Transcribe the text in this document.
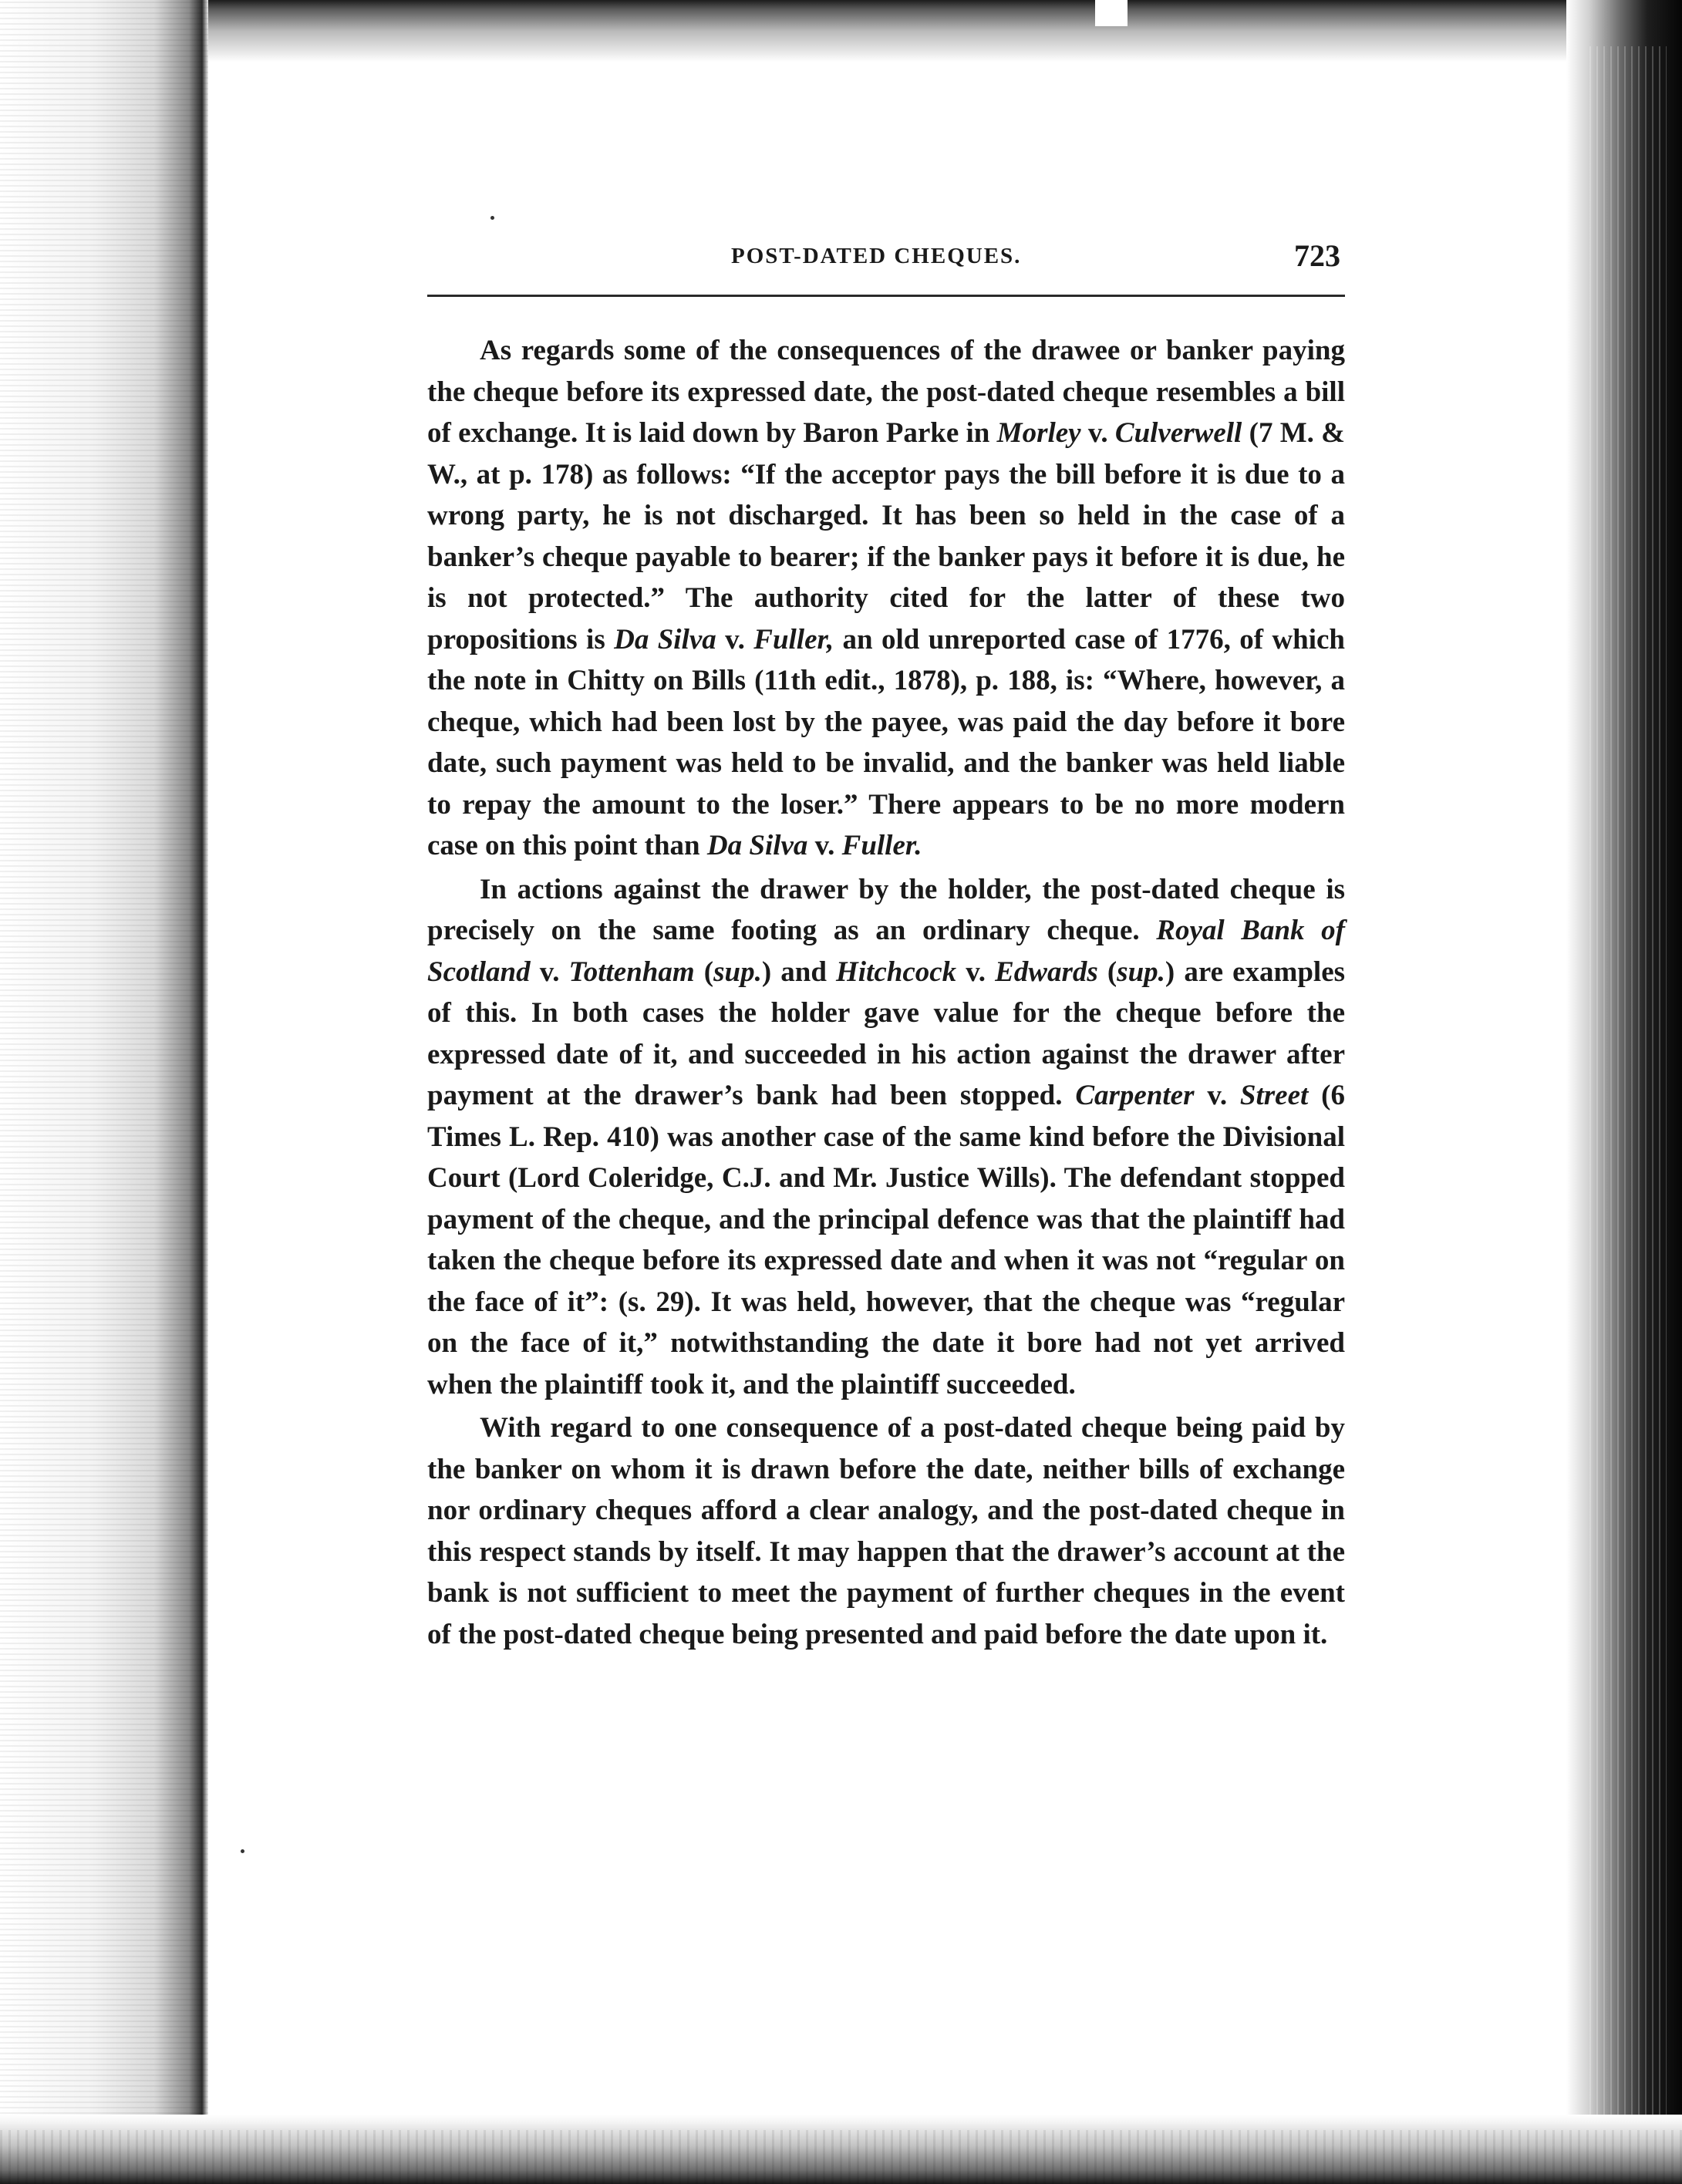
POST-DATED CHEQUES.	723

As regards some of the consequences of the drawee or banker paying the cheque before its expressed date, the post-dated cheque resembles a bill of exchange. It is laid down by Baron Parke in Morley v. Culverwell (7 M. & W., at p. 178) as follows: “If the acceptor pays the bill before it is due to a wrong party, he is not discharged. It has been so held in the case of a banker’s cheque payable to bearer; if the banker pays it before it is due, he is not protected.” The authority cited for the latter of these two propositions is Da Silva v. Fuller, an old unreported case of 1776, of which the note in Chitty on Bills (11th edit., 1878), p. 188, is: “Where, however, a cheque, which had been lost by the payee, was paid the day before it bore date, such payment was held to be invalid, and the banker was held liable to repay the amount to the loser.” There appears to be no more modern case on this point than Da Silva v. Fuller.

In actions against the drawer by the holder, the post-dated cheque is precisely on the same footing as an ordinary cheque. Royal Bank of Scotland v. Tottenham (sup.) and Hitchcock v. Edwards (sup.) are examples of this. In both cases the holder gave value for the cheque before the expressed date of it, and succeeded in his action against the drawer after payment at the drawer’s bank had been stopped. Carpenter v. Street (6 Times L. Rep. 410) was another case of the same kind before the Divisional Court (Lord Coleridge, C.J. and Mr. Justice Wills). The defendant stopped payment of the cheque, and the principal defence was that the plaintiff had taken the cheque before its expressed date and when it was not “regular on the face of it”: (s. 29). It was held, however, that the cheque was “regular on the face of it,” notwithstanding the date it bore had not yet arrived when the plaintiff took it, and the plaintiff succeeded.

With regard to one consequence of a post-dated cheque being paid by the banker on whom it is drawn before the date, neither bills of exchange nor ordinary cheques afford a clear analogy, and the post-dated cheque in this respect stands by itself. It may happen that the drawer’s account at the bank is not sufficient to meet the payment of further cheques in the event of the post-dated cheque being presented and paid before the date upon it.
